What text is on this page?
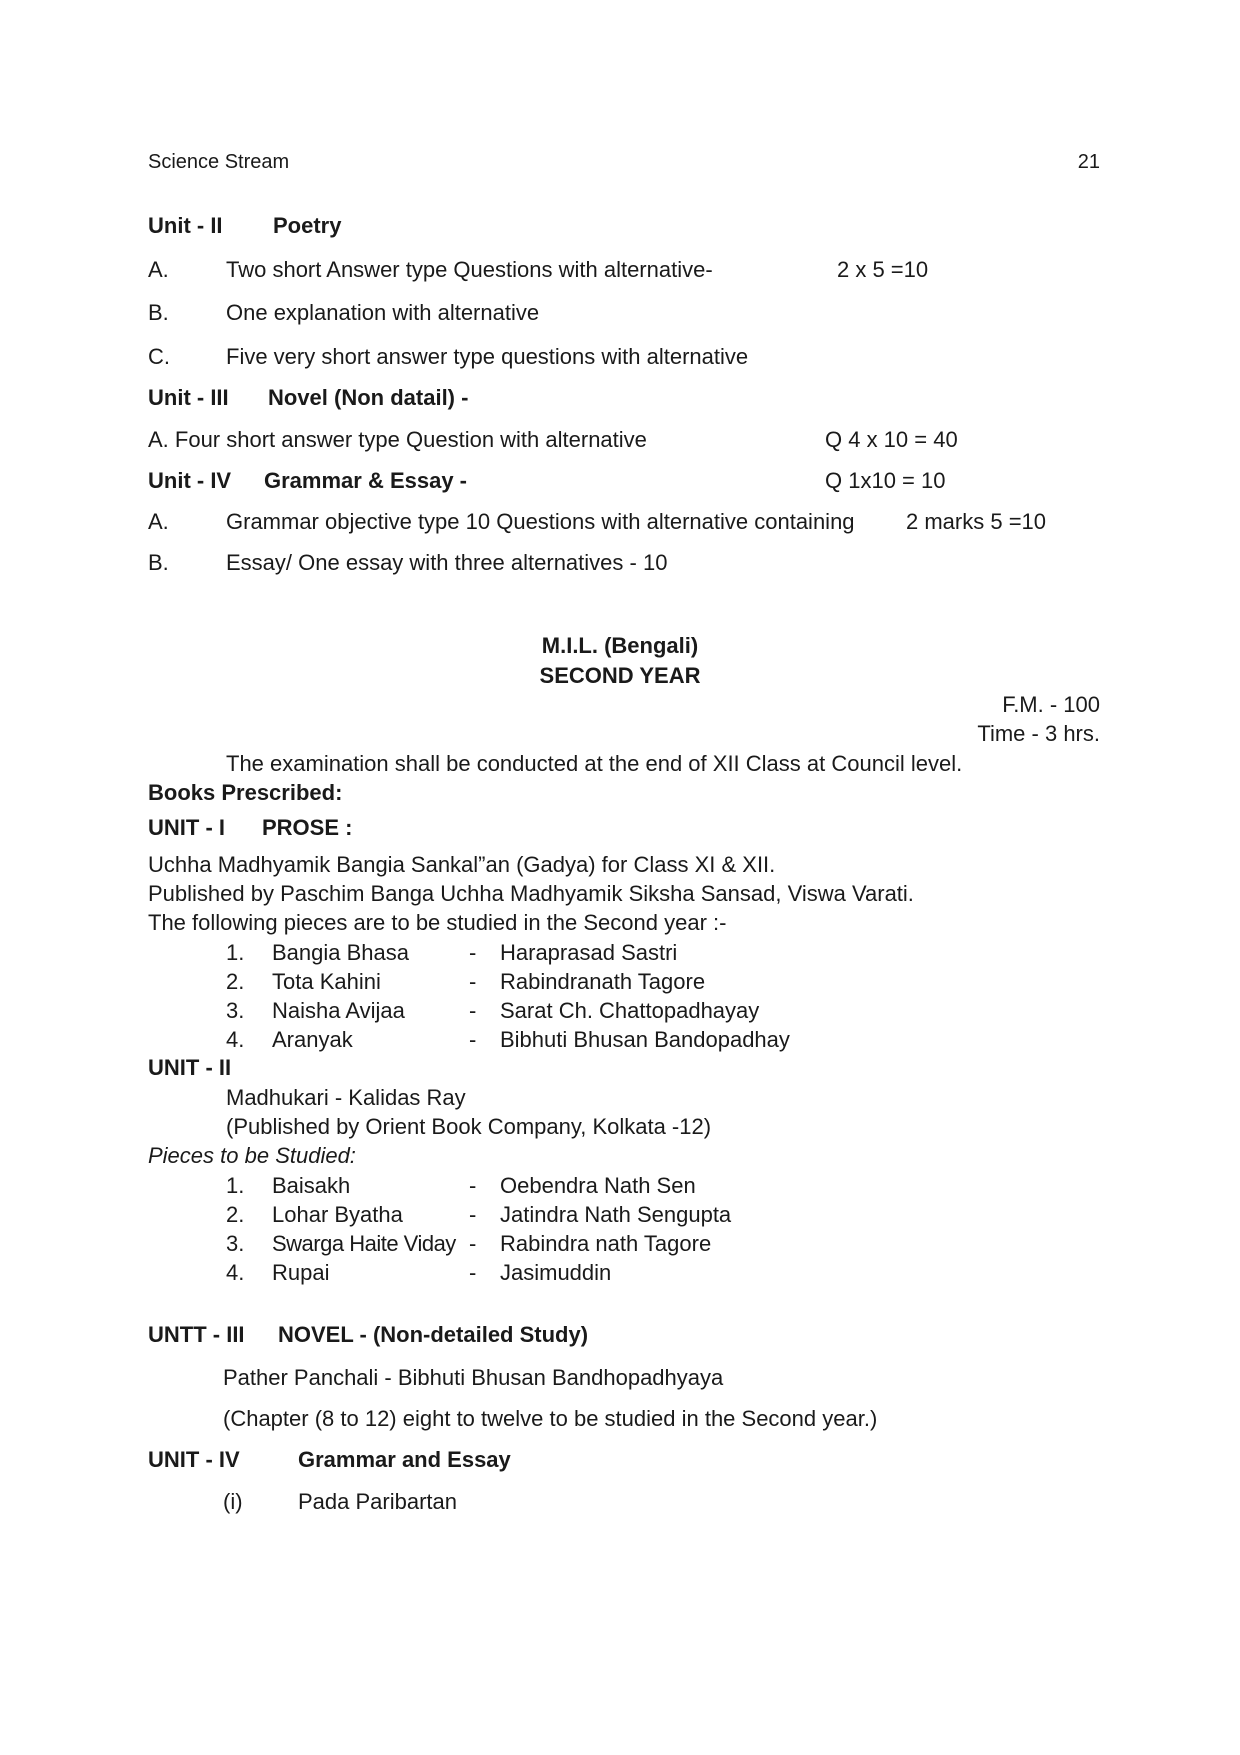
Science Stream	21
Unit - II Poetry
A.	Two short Answer type Questions with alternative-	2 x 5 =10
B.	One explanation with alternative
C.	Five very short answer type questions with alternative
Unit - III Novel (Non datail) -
A. Four short answer type Question with alternative	Q 4 x 10 = 40
Unit - IV Grammar & Essay -	Q 1x10 = 10
A.	Grammar objective type 10 Questions with alternative containing 2 marks 5 =10
B.	Essay/ One essay with three alternatives - 10
M.I.L. (Bengali)
SECOND YEAR
F.M. - 100
Time - 3 hrs.
The examination shall be conducted at the end of XII Class at Council level.
Books Prescribed:
UNIT - I PROSE :
Uchha Madhyamik Bangia Sankal”an (Gadya) for Class XI & XII.
Published by Paschim Banga Uchha Madhyamik Siksha Sansad, Viswa Varati.
The following pieces are to be studied in the Second year :-
1. Bangia Bhasa	- Haraprasad Sastri
2. Tota Kahini	- Rabindranath Tagore
3. Naisha Avijaa	- Sarat Ch. Chattopadhayay
4. Aranyak	- Bibhuti Bhusan Bandopadhay
UNIT - II
Madhukari - Kalidas Ray
(Published by Orient Book Company, Kolkata -12)
Pieces to be Studied:
1. Baisakh	- Oebendra Nath Sen
2. Lohar Byatha	- Jatindra Nath Sengupta
3. Swarga Haite Viday - Rabindra nath Tagore
4. Rupai	- Jasimuddin
UNTT - III NOVEL - (Non-detailed Study)
Pather Panchali - Bibhuti Bhusan Bandhopadhyaya
(Chapter (8 to 12) eight to twelve to be studied in the Second year.)
UNIT - IV	Grammar and Essay
(i)	Pada Paribartan
